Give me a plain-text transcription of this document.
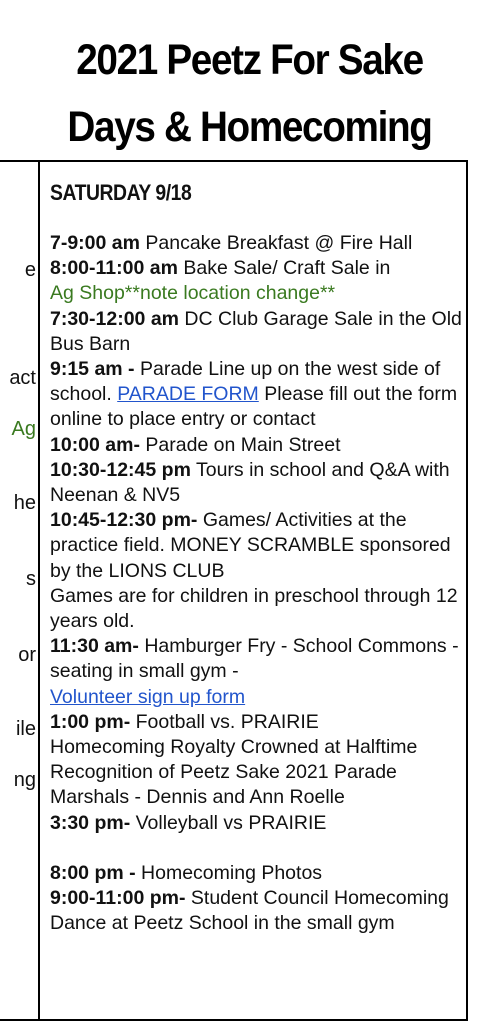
2021 Peetz For Sake
Days & Homecoming
e
act
Ag
he
s
or
ile
ng
SATURDAY 9/18

7-9:00 am Pancake Breakfast @ Fire Hall

8:00-11:00 am Bake Sale/ Craft Sale in
Ag Shop**note location change**

7:30-12:00 am DC Club Garage Sale in the Old Bus Barn

9:15 am - Parade Line up on the west side of school. PARADE FORM Please fill out the form online to place entry or contact

10:00 am- Parade on Main Street

10:30-12:45 pm Tours in school and Q&A with Neenan & NV5

10:45-12:30 pm- Games/ Activities at the practice field. MONEY SCRAMBLE sponsored by the LIONS CLUB
Games are for children in preschool through 12 years old.

11:30 am- Hamburger Fry - School Commons - seating in small gym -
Volunteer sign up form

1:00 pm- Football vs. PRAIRIE
Homecoming Royalty Crowned at Halftime
Recognition of Peetz Sake 2021 Parade Marshals - Dennis and Ann Roelle

3:30 pm- Volleyball vs PRAIRIE

8:00 pm - Homecoming Photos

9:00-11:00 pm- Student Council Homecoming Dance at Peetz School in the small gym
